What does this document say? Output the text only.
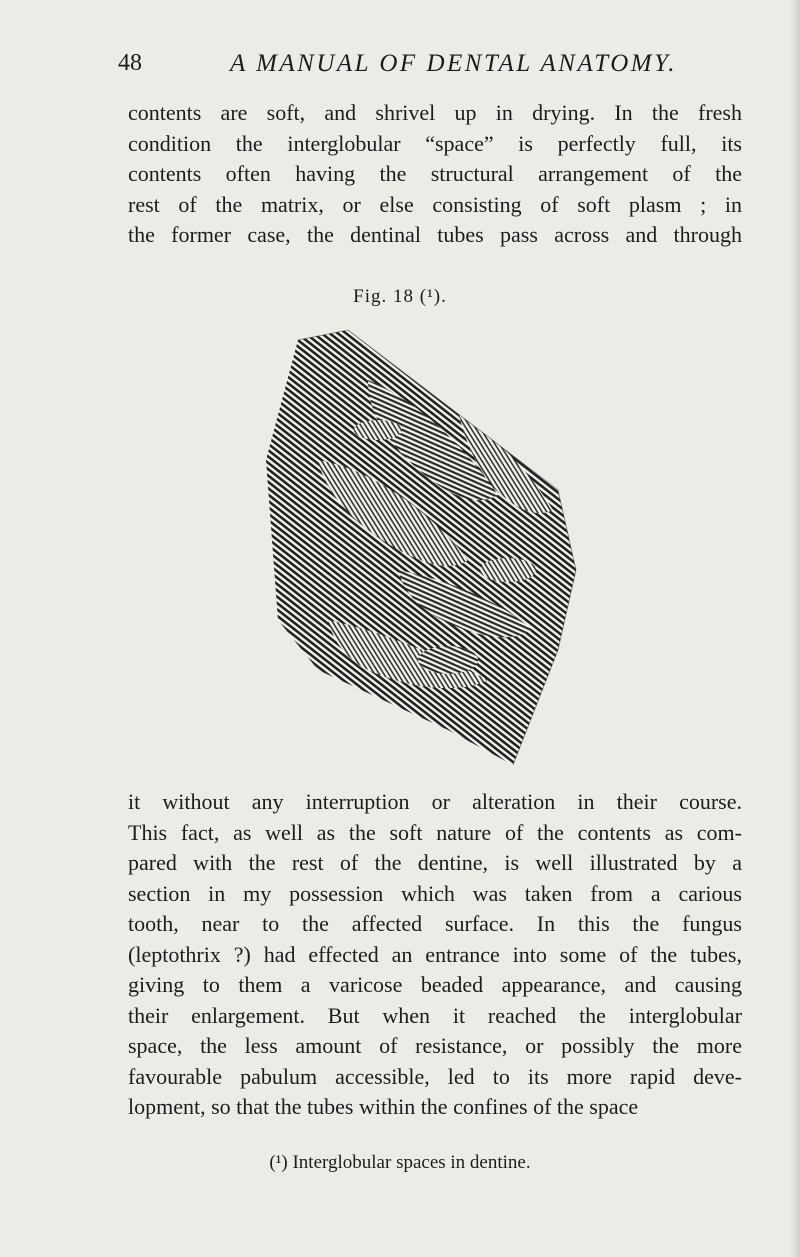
48	A MANUAL OF DENTAL ANATOMY.

contents are soft, and shrivel up in drying. In the fresh
condition the interglobular “space” is perfectly full, its
contents often having the structural arrangement of the
rest of the matrix, or else consisting of soft plasm ; in
the former case, the dentinal tubes pass across and through

Fig. 18 (¹).

it without any interruption or alteration in their course.
This fact, as well as the soft nature of the contents as com-
pared with the rest of the dentine, is well illustrated by a
section in my possession which was taken from a carious
tooth, near to the affected surface. In this the fungus
(leptothrix ?) had effected an entrance into some of the tubes,
giving to them a varicose beaded appearance, and causing
their enlargement. But when it reached the interglobular
space, the less amount of resistance, or possibly the more
favourable pabulum accessible, led to its more rapid deve-
lopment, so that the tubes within the confines of the space

(¹) Interglobular spaces in dentine.
